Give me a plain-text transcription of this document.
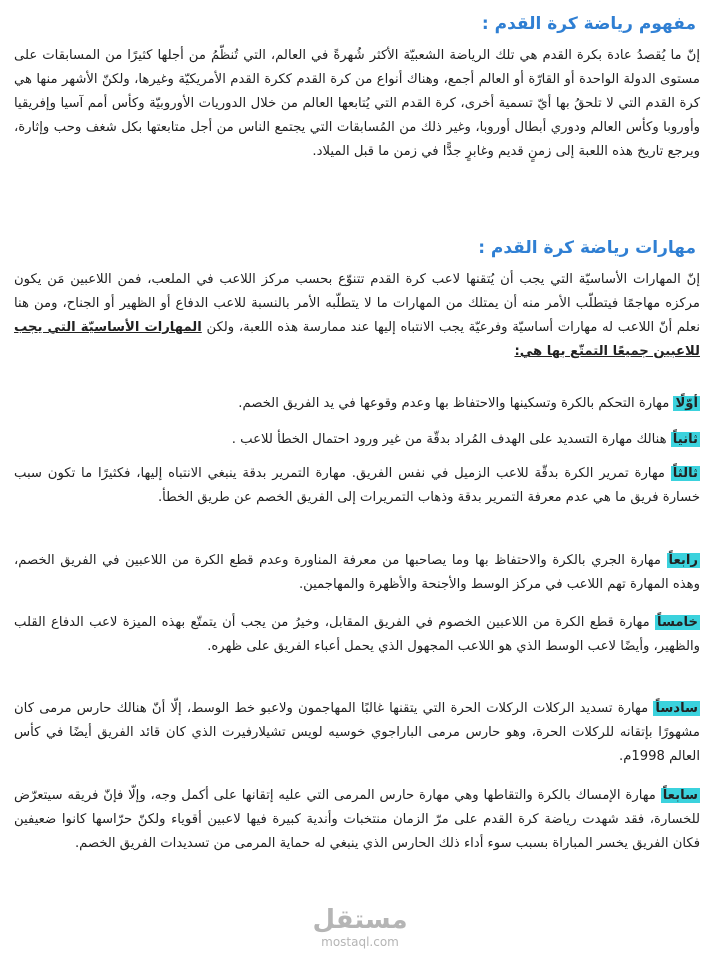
مفهوم رياضة كرة القدم :

إنّ ما يُقصدُ عادة بكرة القدم هي تلك الرياضة الشعبيّة الأكثر شُهرةً في العالم، التي تُنظّمُ من أجلها كثيرًا من المسابقات على مستوى الدولة الواحدة أو القارّة أو العالم أجمع، وهناك أنواع من كرة القدم ككرة القدم الأمريكيّة وغيرها، ولكنّ الأشهر منها هي كرة القدم التي لا تلحقُ بها أيّ تسمية أخرى، كرة القدم التي يُتابعها العالم من خلال الدوريات الأوروبيّة وكأس أمم آسيا وإفريقيا وأوروبا وكأس العالم ودوري أبطال أوروبا، وغير ذلك من المُسابقات التي يجتمع الناس من أجل متابعتها بكل شغف وحب وإثارة، ويرجع تاريخ هذه اللعبة إلى زمنٍ قديم وغابرٍ جدًّا في زمن ما قبل الميلاد.

مهارات رياضة كرة القدم :

إنّ المهارات الأساسيّة التي يجب أن يُتقنها لاعب كرة القدم تتنوّع بحسب مركز اللاعب في الملعب، فمن اللاعبين مَن يكون مركزه مهاجمًا فيتطلّب الأمر منه أن يمتلك من المهارات ما لا يتطلّبه الأمر بالنسبة للاعب الدفاع أو الظهير أو الجناح، ومن هنا نعلم أنّ اللاعب له مهارات أساسيّة وفرعيّة يجب الانتباه إليها عند ممارسة هذه اللعبة، ولكن المهارات الأساسيّة التي يجب للاعبين جميعًا التمتّع بها هي:

أوّلًا مهارة التحكم بالكرة وتسكينها والاحتفاظ بها وعدم وقوعها في يد الفريق الخصم.

ثانياً هنالك مهارة التسديد على الهدف المُراد بدقّة من غير ورود احتمال الخطأ للاعب .

ثالثاً مهارة تمرير الكرة بدقّة للاعب الزميل في نفس الفريق. مهارة التمرير بدقة ينبغي الانتباه إليها، فكثيرًا ما تكون سبب خسارة فريق ما هي عدم معرفة التمرير بدقة وذهاب التمريرات إلى الفريق الخصم عن طريق الخطأ.

رابعاً مهارة الجري بالكرة والاحتفاظ بها وما يصاحبها من معرفة المناورة وعدم قطع الكرة من اللاعبين في الفريق الخصم، وهذه المهارة تهم اللاعب في مركز الوسط والأجنحة والأظهرة والمهاجمين.

خامساً مهارة قطع الكرة من اللاعبين الخصوم في الفريق المقابل، وخيرُ من يجب أن يتمتّع بهذه الميزة لاعب الدفاع القلب والظهير، وأيضًا لاعب الوسط الذي هو اللاعب المجهول الذي يحمل أعباء الفريق على ظهره.

سادساً مهارة تسديد الركلات الركلات الحرة التي يتقنها غالبًا المهاجمون ولاعبو خط الوسط، إلّا أنّ هنالك حارس مرمى كان مشهورًا بإتقانه للركلات الحرة، وهو حارس مرمى الباراجوي خوسيه لويس تشيلارفيرت الذي كان قائد الفريق أيضًا في كأس العالم 1998م.

سابعاً مهارة الإمساك بالكرة والتقاطها وهي مهارة حارس المرمى التي عليه إتقانها على أكمل وجه، وإلّا فإنّ فريقه سيتعرّض للخسارة، فقد شهدت رياضة كرة القدم على مرّ الزمان منتخبات وأندية كبيرة فيها لاعبين أقوياء ولكنّ حرّاسها كانوا ضعيفين فكان الفريق يخسر المباراة بسبب سوء أداء ذلك الحارس الذي ينبغي له حماية المرمى من تسديدات الفريق الخصم.

مستقل
mostaql.com
